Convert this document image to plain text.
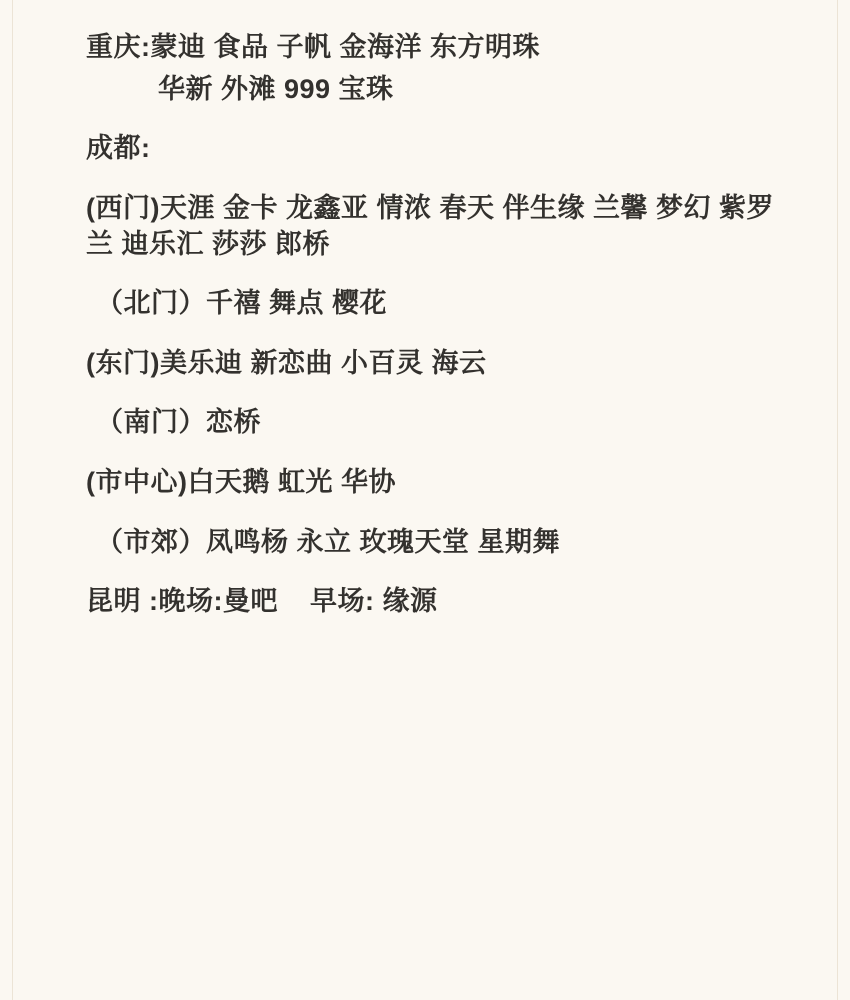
重庆:蒙迪 食品 子帆 金海洋 东方明珠

华新 外滩 999 宝珠

成都:

(西门)天涯 金卡 龙鑫亚 情浓 春天 伴生缘 兰馨 梦幻 紫罗兰 迪乐汇 莎莎 郎桥

（北门）千禧 舞点 樱花

(东门)美乐迪 新恋曲 小百灵 海云

（南门）恋桥

(市中心)白天鹅 虹光 华协

（市郊）凤鸣杨 永立 玫瑰天堂 星期舞

昆明 :晚场:曼吧    早场: 缘源
